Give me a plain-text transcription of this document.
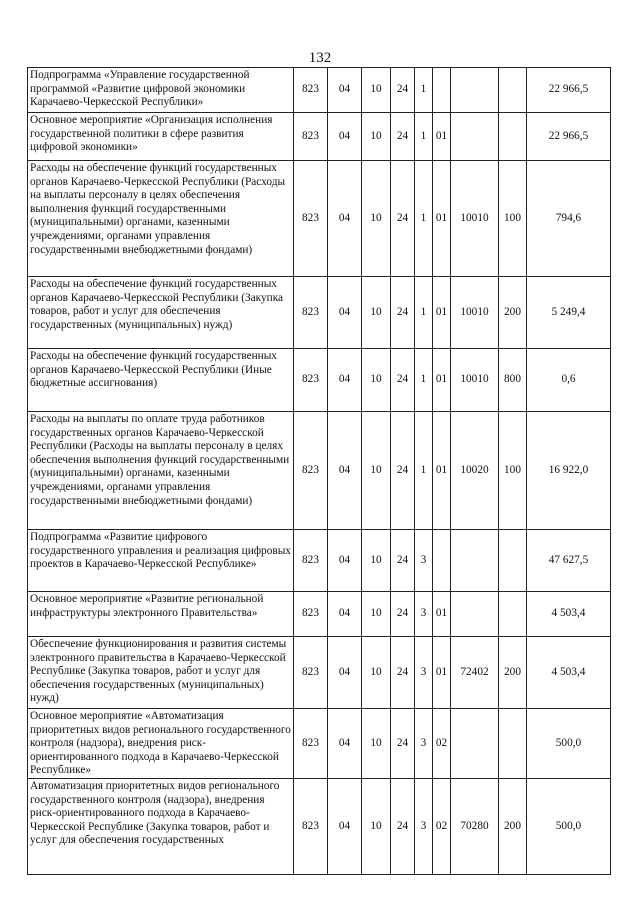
132
Подпрограмма «Управление государственной программой «Развитие цифровой экономики Карачаево-Черкесской Республики»	823	04	10	24	1				22 966,5
Основное мероприятие «Организация исполнения государственной политики в сфере развития цифровой экономики»	823	04	10	24	1	01			22 966,5
Расходы на обеспечение функций государственных органов Карачаево-Черкесской Республики (Расходы на выплаты персоналу в целях обеспечения выполнения функций государственными (муниципальными) органами, казенными учреждениями, органами управления государственными внебюджетными фондами)	823	04	10	24	1	01	10010	100	794,6
Расходы на обеспечение функций государственных органов Карачаево-Черкесской Республики (Закупка товаров, работ и услуг для обеспечения государственных (муниципальных) нужд)	823	04	10	24	1	01	10010	200	5 249,4
Расходы на обеспечение функций государственных органов Карачаево-Черкесской Республики (Иные бюджетные ассигнования)	823	04	10	24	1	01	10010	800	0,6
Расходы на выплаты по оплате труда работников государственных органов Карачаево-Черкесской Республики (Расходы на выплаты персоналу в целях обеспечения выполнения функций государственными (муниципальными) органами, казенными учреждениями, органами управления государственными внебюджетными фондами)	823	04	10	24	1	01	10020	100	16 922,0
Подпрограмма «Развитие цифрового государственного управления и реализация цифровых проектов в Карачаево-Черкесской Республике»	823	04	10	24	3				47 627,5
Основное мероприятие «Развитие региональной инфраструктуры электронного Правительства»	823	04	10	24	3	01			4 503,4
Обеспечение функционирования и развития системы электронного правительства в Карачаево-Черкесской Республике (Закупка товаров, работ и услуг для обеспечения государственных (муниципальных) нужд)	823	04	10	24	3	01	72402	200	4 503,4
Основное мероприятие «Автоматизация приоритетных видов регионального государственного контроля (надзора), внедрения риск-ориентированного подхода в Карачаево-Черкесской Республике»	823	04	10	24	3	02			500,0
Автоматизация приоритетных видов регионального государственного контроля (надзора), внедрения риск-ориентированного подхода в Карачаево-Черкесской Республике (Закупка товаров, работ и услуг для обеспечения государственных	823	04	10	24	3	02	70280	200	500,0
